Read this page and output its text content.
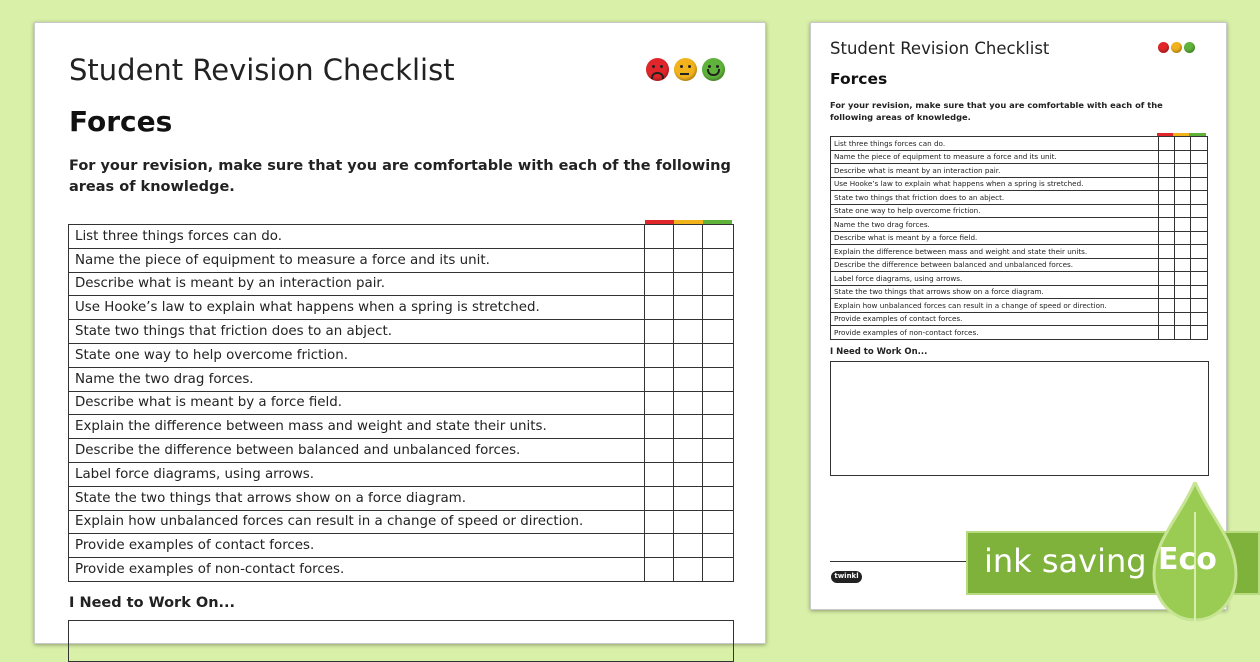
Student Revision Checklist
Forces
For your revision, make sure that you are comfortable with each of the following areas of knowledge.
List three things forces can do.			
Name the piece of equipment to measure a force and its unit.			
Describe what is meant by an interaction pair.			
Use Hooke’s law to explain what happens when a spring is stretched.			
State two things that friction does to an abject.			
State one way to help overcome friction.			
Name the two drag forces.			
Describe what is meant by a force field.			
Explain the difference between mass and weight and state their units.			
Describe the difference between balanced and unbalanced forces.			
Label force diagrams, using arrows.			
State the two things that arrows show on a force diagram.			
Explain how unbalanced forces can result in a change of speed or direction.			
Provide examples of contact forces.			
Provide examples of non-contact forces.			
I Need to Work On...
Student Revision Checklist
Forces
For your revision, make sure that you are comfortable with each of the following areas of knowledge.
List three things forces can do.			
Name the piece of equipment to measure a force and its unit.			
Describe what is meant by an interaction pair.			
Use Hooke’s law to explain what happens when a spring is stretched.			
State two things that friction does to an abject.			
State one way to help overcome friction.			
Name the two drag forces.			
Describe what is meant by a force field.			
Explain the difference between mass and weight and state their units.			
Describe the difference between balanced and unbalanced forces.			
Label force diagrams, using arrows.			
State the two things that arrows show on a force diagram.			
Explain how unbalanced forces can result in a change of speed or direction.			
Provide examples of contact forces.			
Provide examples of non-contact forces.			
I Need to Work On...
twinkl	ink saving Eco
